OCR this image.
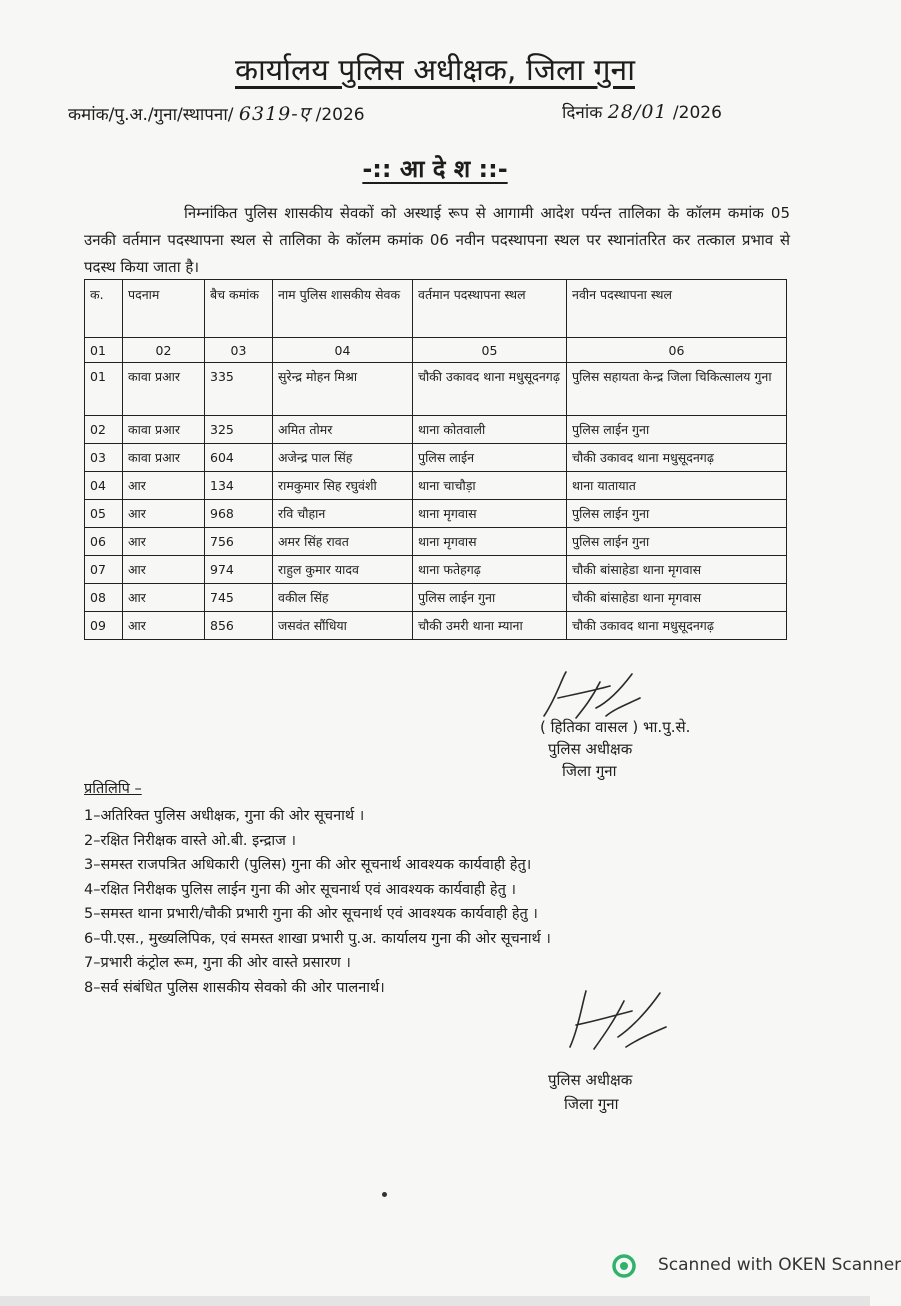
कार्यालय पुलिस अधीक्षक, जिला गुना
कमांक/पु.अ./गुना/स्थापना/ 6319-ए /2026	दिनांक 28/01 /2026
-:: आ दे श ::-
निम्नांकित पुलिस शासकीय सेवकों को अस्थाई रूप से आगामी आदेश पर्यन्त तालिका के कॉलम कमांक 05 उनकी वर्तमान पदस्थापना स्थल से तालिका के कॉलम कमांक 06 नवीन पदस्थापना स्थल पर स्थानांतरित कर तत्काल प्रभाव से पदस्थ किया जाता है।
क.	पदनाम	बैच कमांक	नाम पुलिस शासकीय सेवक	वर्तमान पदस्थापना स्थल	नवीन पदस्थापना स्थल
01	02	03	04	05	06
01	कावा प्रआर	335	सुरेन्द्र मोहन मिश्रा	चौकी उकावद थाना मधुसूदनगढ़	पुलिस सहायता केन्द्र जिला चिकित्सालय गुना
02	कावा प्रआर	325	अमित तोमर	थाना कोतवाली	पुलिस लाईन गुना
03	कावा प्रआर	604	अजेन्द्र पाल सिंह	पुलिस लाईन	चौकी उकावद थाना मधुसूदनगढ़
04	आर	134	रामकुमार सिह रघुवंशी	थाना चाचौड़ा	थाना यातायात
05	आर	968	रवि चौहान	थाना मृगवास	पुलिस लाईन गुना
06	आर	756	अमर सिंह रावत	थाना मृगवास	पुलिस लाईन गुना
07	आर	974	राहुल कुमार यादव	थाना फतेहगढ़	चौकी बांसाहेडा थाना मृगवास
08	आर	745	वकील सिंह	पुलिस लाईन गुना	चौकी बांसाहेडा थाना मृगवास
09	आर	856	जसवंत सौंधिया	चौकी उमरी थाना म्याना	चौकी उकावद थाना मधुसूदनगढ़
( हितिका वासल ) भा.पु.से.
पुलिस अधीक्षक
जिला गुना
प्रतिलिपि –
1–अतिरिक्त पुलिस अधीक्षक, गुना की ओर सूचनार्थ ।
2–रक्षित निरीक्षक वास्ते ओ.बी. इन्द्राज ।
3–समस्त राजपत्रित अधिकारी (पुलिस) गुना की ओर सूचनार्थ आवश्यक कार्यवाही हेतु।
4–रक्षित निरीक्षक पुलिस लाईन गुना की ओर सूचनार्थ एवं आवश्यक कार्यवाही हेतु ।
5–समस्त थाना प्रभारी/चौकी प्रभारी गुना की ओर सूचनार्थ एवं आवश्यक कार्यवाही हेतु ।
6–पी.एस., मुख्यलिपिक, एवं समस्त शाखा प्रभारी पु.अ. कार्यालय गुना की ओर सूचनार्थ ।
7–प्रभारी कंट्रोल रूम, गुना की ओर वास्ते प्रसारण ।
8–सर्व संबंधित पुलिस शासकीय सेवको की ओर पालनार्थ।
पुलिस अधीक्षक
जिला गुना
Scanned with OKEN Scanner
